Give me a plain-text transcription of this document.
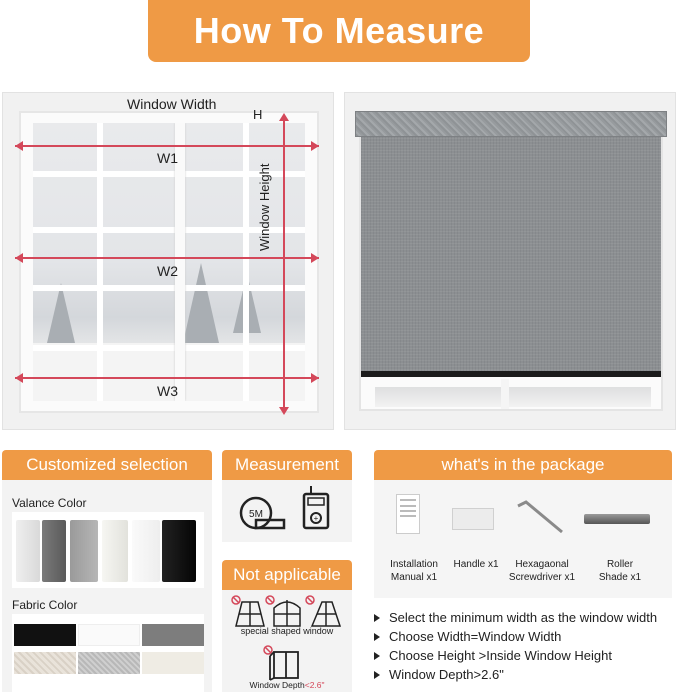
How To Measure
Window Width
H
W1
W2
W3
Window Height
Customized selection
Valance Color
Fabric Color
Measurement
5M	+
Not applicable
special shaped window
Window Depth<2.6"
what's in the package
Installation
Manual x1
Handle x1	Hexagaonal
Screwdriver x1
Roller
Shade x1
Select the minimum width as the window width
Choose Width=Window Width
Choose Height >Inside Window Height
Window Depth>2.6"
